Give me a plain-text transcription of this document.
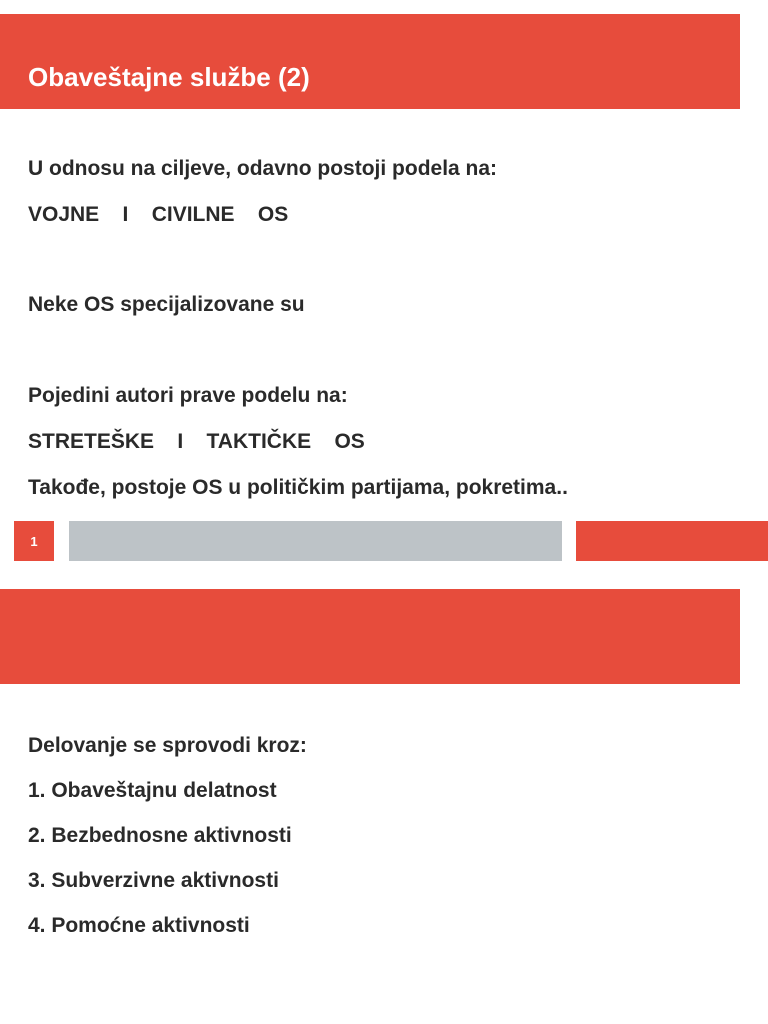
Obaveštajne službe (2)
U odnosu na ciljeve, odavno postoji podela na:
VOJNE    I    CIVILNE    OS
Neke OS specijalizovane su
Pojedini autori prave podelu na:
STRETEŠKE    I    TAKTIČKE    OS
Takođe, postoje OS u političkim partijama, pokretima..
1
Delovanje se sprovodi kroz:
1. Obaveštajnu delatnost
2. Bezbednosne aktivnosti
3. Subverzivne aktivnosti
4. Pomoćne aktivnosti
